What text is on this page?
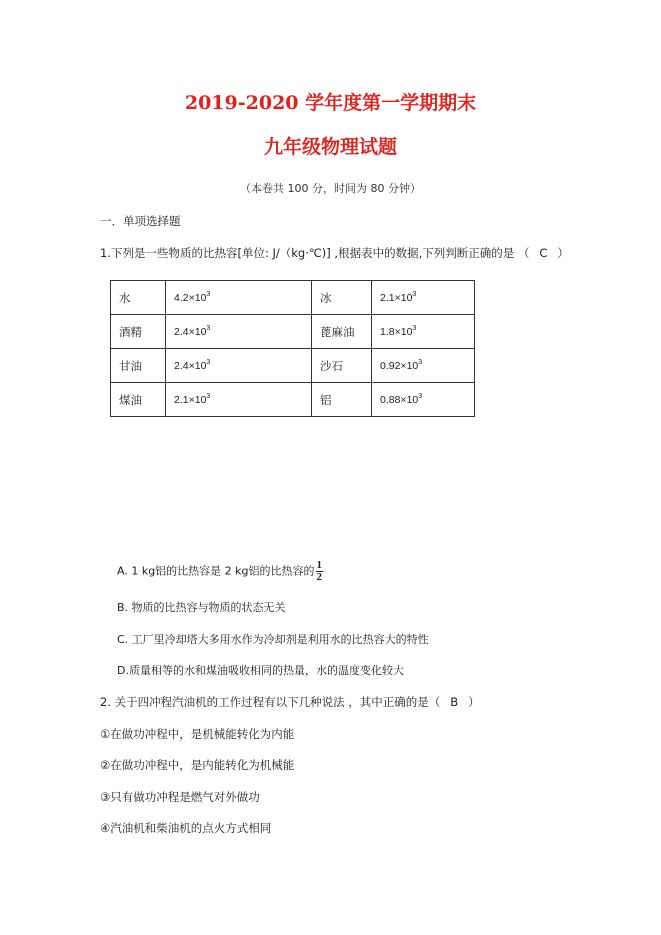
2019-2020 学年度第一学期期末
九年级物理试题
（本卷共 100 分，时间为 80 分钟）
一．单项选择题
1.下列是一些物质的比热容[单位: J/（kg·℃)] ,根据表中的数据,下列判断正确的是 （ C ）
水	$4.2\times 10^3$	冰	$2.1\times 10^3$
酒精	$2.4\times 10^3$	蓖麻油	$1.8\times 10^3$
甘油	$2.4\times 10^3$	沙石	$0.92\times 10^3$
煤油	$2.1\times 10^3$	铝	$0.88\times 10^3$
A. 1 kg铝的比热容是 2 kg铝的比热容的 $\frac{1}{2}$
B. 物质的比热容与物质的状态无关
C. 工厂里冷却塔大多用水作为冷却剂是利用水的比热容大的特性
D.质量相等的水和煤油吸收相同的热量，水的温度变化较大
2. 关于四冲程汽油机的工作过程有以下几种说法 ，其中正确的是（ B ）
①在做功冲程中，是机械能转化为内能
②在做功冲程中，是内能转化为机械能
③只有做功冲程是燃气对外做功
④汽油机和柴油机的点火方式相同
